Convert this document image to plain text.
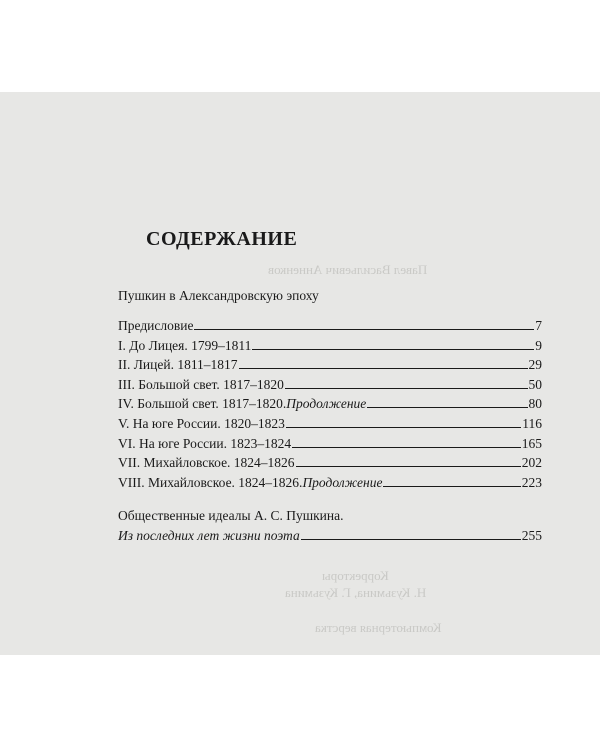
Павел Васильевич Анненков
Корректоры
Н. Кузьмина, Г. Кузьмина
Компьютерная верстка
СОДЕРЖАНИЕ
Пушкин в Александровскую эпоху
Предисловие	7
I. До Лицея. 1799–1811	9
II. Лицей. 1811–1817	29
III. Большой свет. 1817–1820	50
IV. Большой свет. 1817–1820. Продолжение	80
V. На юге России. 1820–1823	116
VI. На юге России. 1823–1824	165
VII. Михайловское. 1824–1826	202
VIII. Михайловское. 1824–1826. Продолжение	223
Общественные идеалы А. С. Пушкина.
Из последних лет жизни поэта	255
